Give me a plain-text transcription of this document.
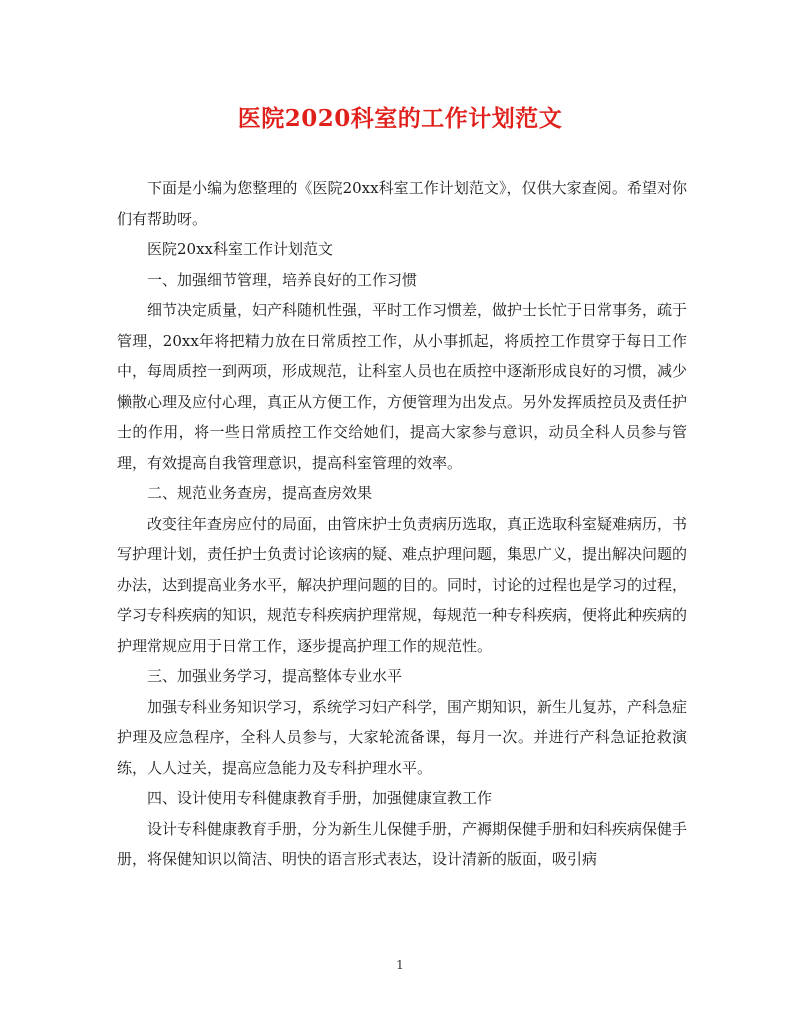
医院2020科室的工作计划范文

下面是小编为您整理的《医院20xx科室工作计划范文》，仅供大家查阅。希望对你们有帮助呀。

医院20xx科室工作计划范文

一、加强细节管理，培养良好的工作习惯

细节决定质量，妇产科随机性强，平时工作习惯差，做护士长忙于日常事务，疏于管理，20xx年将把精力放在日常质控工作，从小事抓起，将质控工作贯穿于每日工作中，每周质控一到两项，形成规范，让科室人员也在质控中逐渐形成良好的习惯，减少懒散心理及应付心理，真正从方便工作，方便管理为出发点。另外发挥质控员及责任护士的作用，将一些日常质控工作交给她们，提高大家参与意识，动员全科人员参与管理，有效提高自我管理意识，提高科室管理的效率。

二、规范业务查房，提高查房效果

改变往年查房应付的局面，由管床护士负责病历选取，真正选取科室疑难病历，书写护理计划，责任护士负责讨论该病的疑、难点护理问题，集思广义，提出解决问题的办法，达到提高业务水平，解决护理问题的目的。同时，讨论的过程也是学习的过程，学习专科疾病的知识，规范专科疾病护理常规，每规范一种专科疾病，便将此种疾病的护理常规应用于日常工作，逐步提高护理工作的规范性。

三、加强业务学习，提高整体专业水平

加强专科业务知识学习，系统学习妇产科学，围产期知识，新生儿复苏，产科急症护理及应急程序，全科人员参与，大家轮流备课，每月一次。并进行产科急证抢救演练，人人过关，提高应急能力及专科护理水平。

四、设计使用专科健康教育手册，加强健康宣教工作

设计专科健康教育手册，分为新生儿保健手册，产褥期保健手册和妇科疾病保健手册，将保健知识以简洁、明快的语言形式表达，设计清新的版面，吸引病

1
